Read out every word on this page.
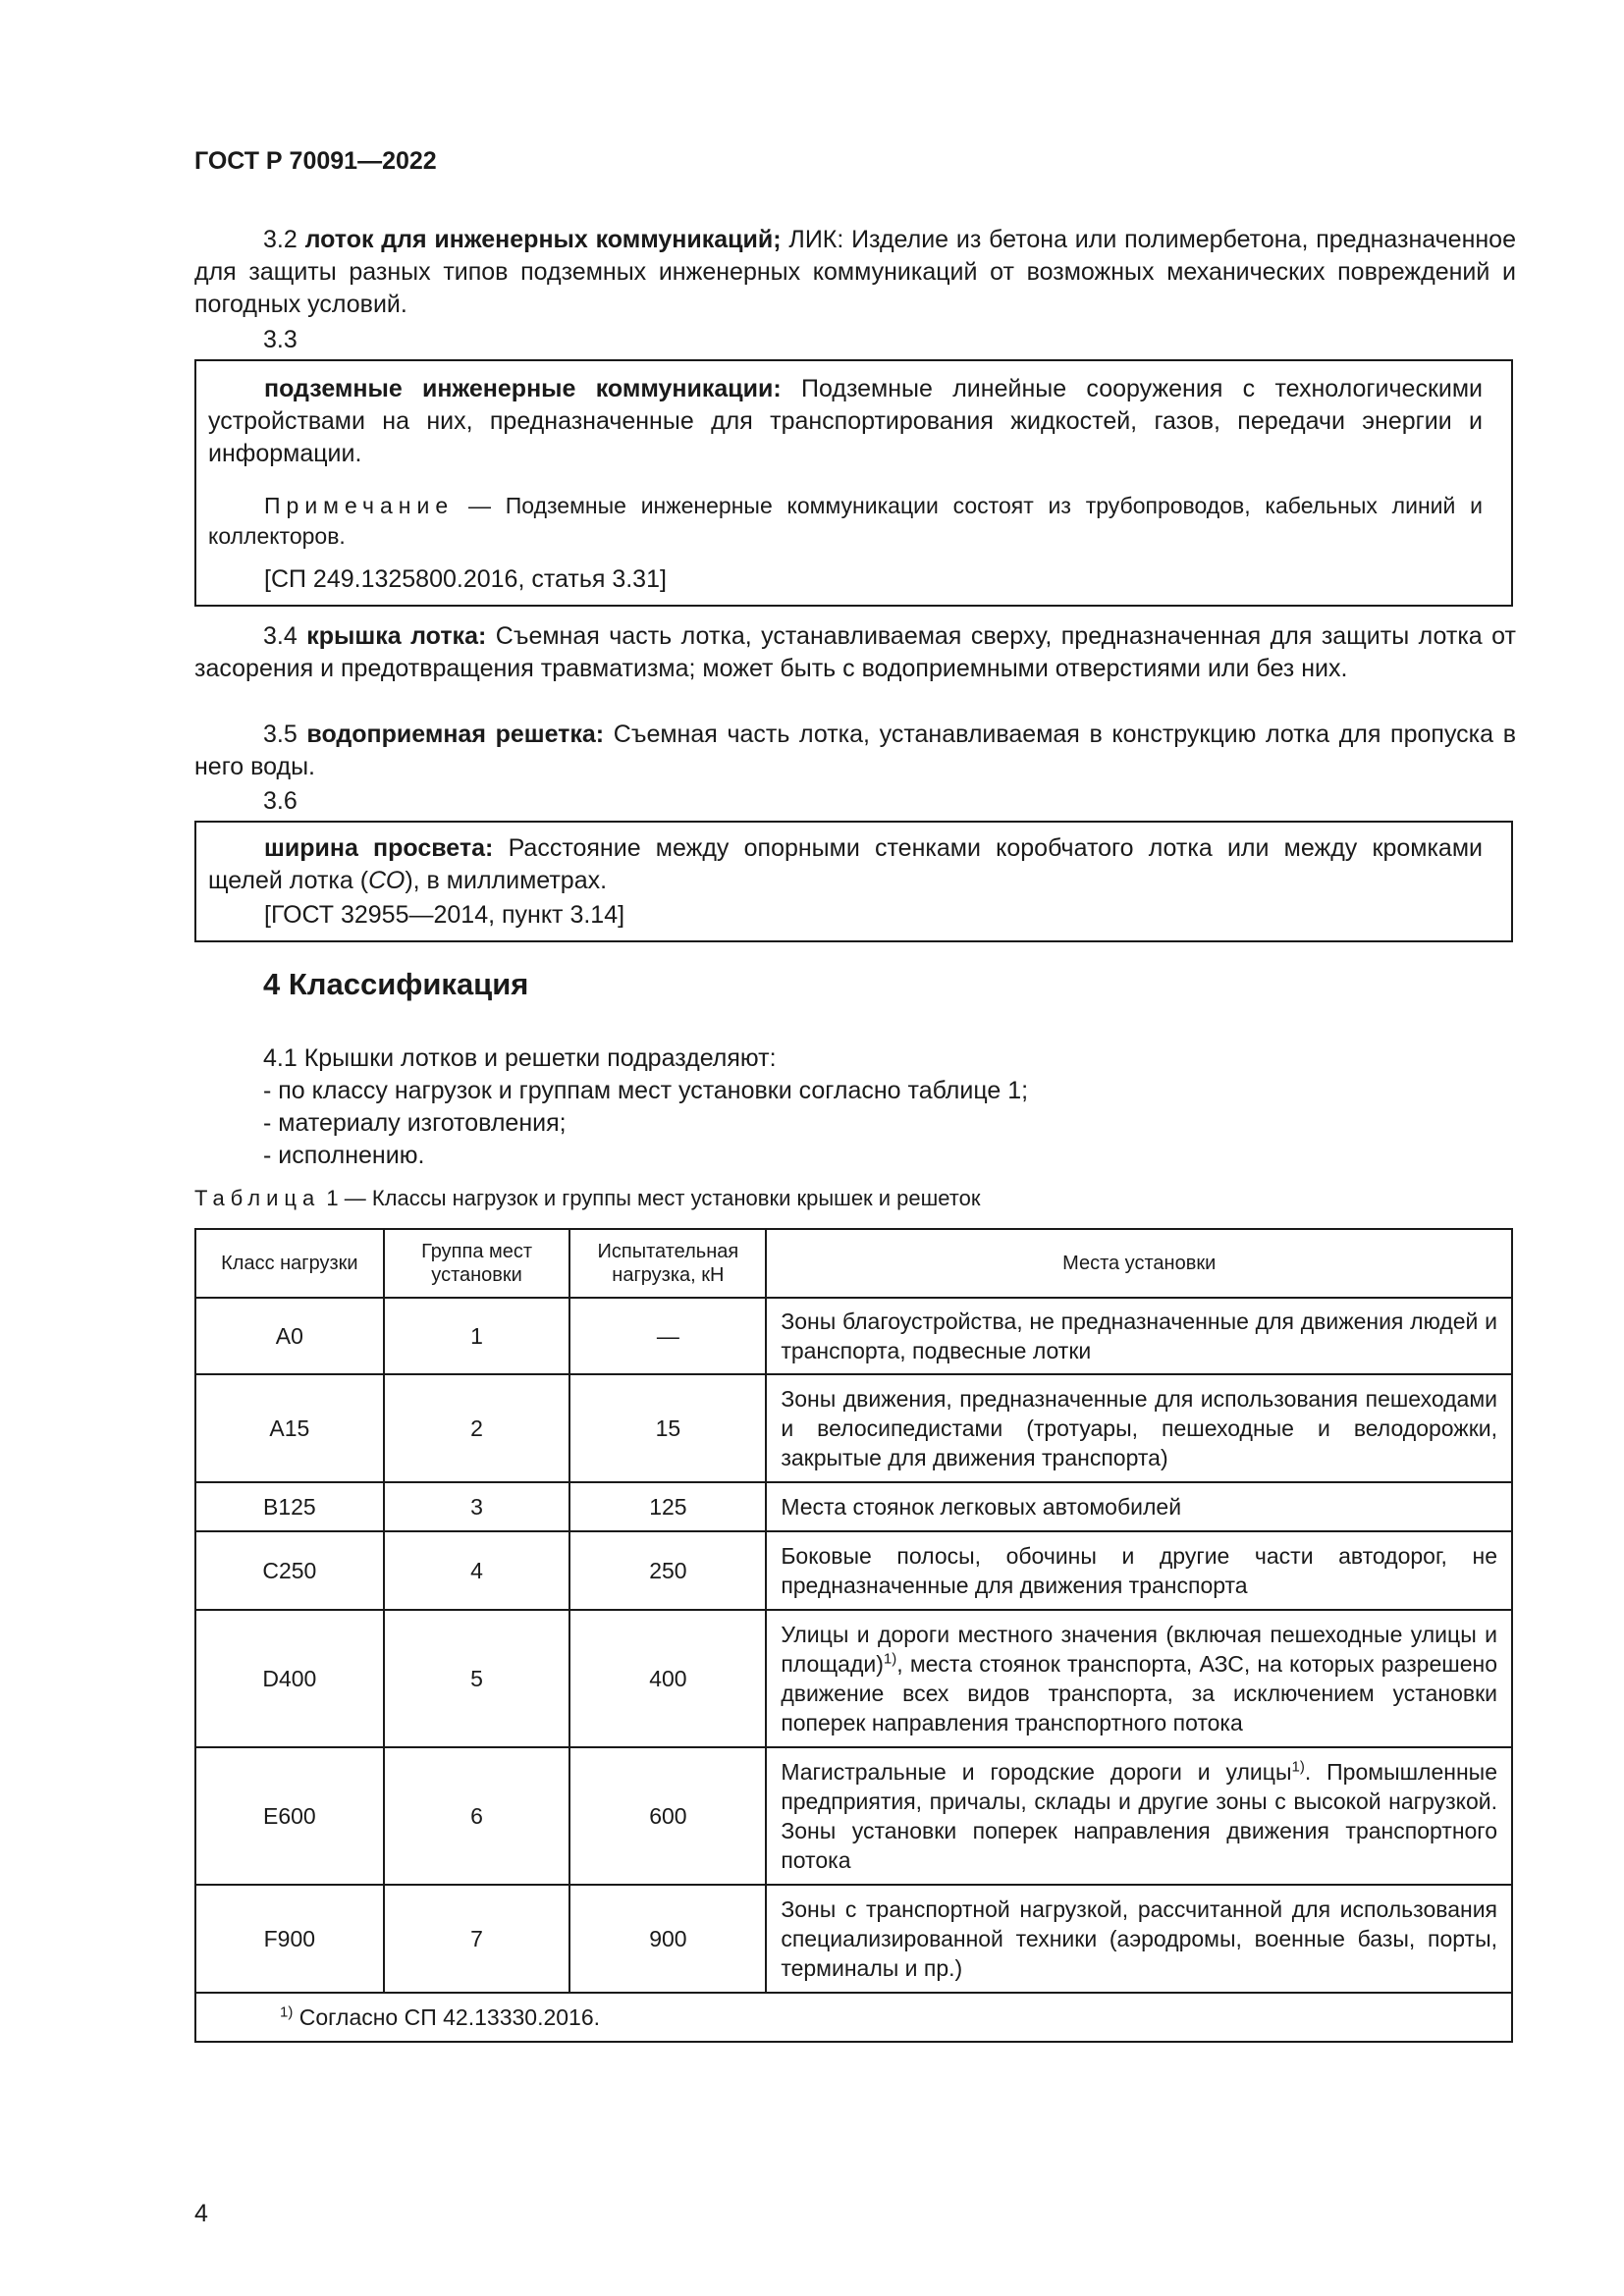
ГОСТ Р 70091—2022
3.2 лоток для инженерных коммуникаций; ЛИК: Изделие из бетона или полимербетона, предназначенное для защиты разных типов подземных инженерных коммуникаций от возможных механических повреждений и погодных условий.
3.3
подземные инженерные коммуникации: Подземные линейные сооружения с технологическими устройствами на них, предназначенные для транспортирования жидкостей, газов, передачи энергии и информации.
Примечание — Подземные инженерные коммуникации состоят из трубопроводов, кабельных линий и коллекторов.
[СП 249.1325800.2016, статья 3.31]
3.4 крышка лотка: Съемная часть лотка, устанавливаемая сверху, предназначенная для защиты лотка от засорения и предотвращения травматизма; может быть с водоприемными отверстиями или без них.
3.5 водоприемная решетка: Съемная часть лотка, устанавливаемая в конструкцию лотка для пропуска в него воды.
3.6
ширина просвета: Расстояние между опорными стенками коробчатого лотка или между кромками щелей лотка (СО), в миллиметрах.
[ГОСТ 32955—2014, пункт 3.14]
4 Классификация
4.1 Крышки лотков и решетки подразделяют:
- по классу нагрузок и группам мест установки согласно таблице 1;
- материалу изготовления;
- исполнению.
Таблица 1 — Классы нагрузок и группы мест установки крышек и решеток
Класс нагрузки	Группа мест установки	Испытательная нагрузка, кН	Места установки
A0	1	—	Зоны благоустройства, не предназначенные для движения людей и транспорта, подвесные лотки
A15	2	15	Зоны движения, предназначенные для использования пешеходами и велосипедистами (тротуары, пешеходные и велодорожки, закрытые для движения транспорта)
B125	3	125	Места стоянок легковых автомобилей
C250	4	250	Боковые полосы, обочины и другие части автодорог, не предназначенные для движения транспорта
D400	5	400	Улицы и дороги местного значения (включая пешеходные улицы и площади)$^{1)}$, места стоянок транспорта, АЗС, на которых разрешено движение всех видов транспорта, за исключением установки поперек направления транспортного потока
E600	6	600	Магистральные и городские дороги и улицы$^{1)}$. Промышленные предприятия, причалы, склады и другие зоны с высокой нагрузкой. Зоны установки поперек направления движения транспортного потока
F900	7	900	Зоны с транспортной нагрузкой, рассчитанной для использования специализированной техники (аэродромы, военные базы, порты, терминалы и пр.)
$^{1)}$ Согласно СП 42.13330.2016.			
4
